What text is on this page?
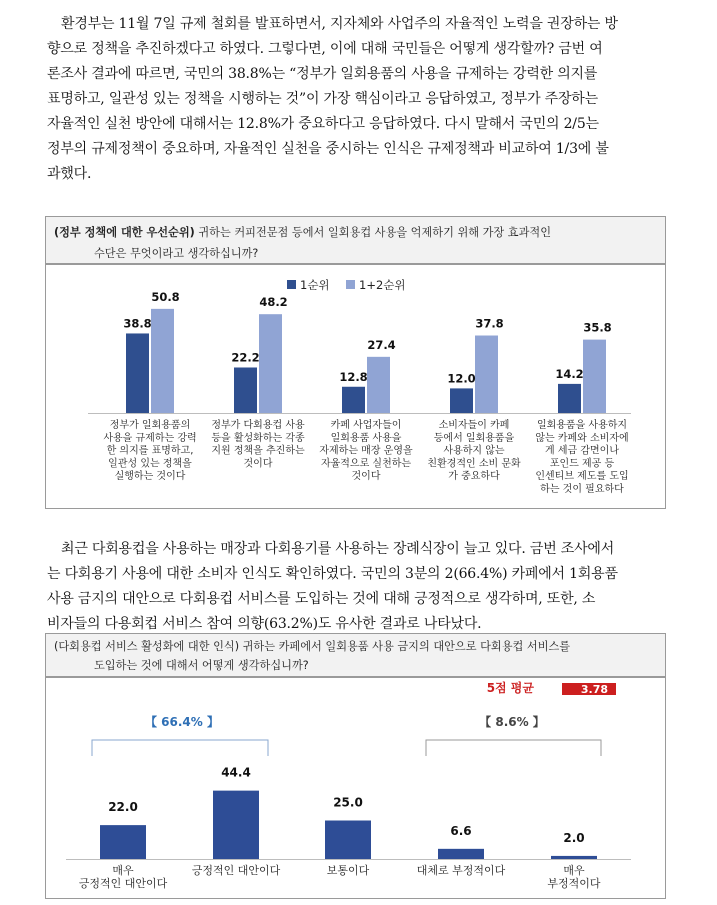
환경부는 11월 7일 규제 철회를 발표하면서, 지자체와 사업주의 자율적인 노력을 권장하는 방
향으로 정책을 추진하겠다고 하였다. 그렇다면, 이에 대해 국민들은 어떻게 생각할까? 금번 여
론조사 결과에 따르면, 국민의 38.8%는 “정부가 일회용품의 사용을 규제하는 강력한 의지를
표명하고, 일관성 있는 정책을 시행하는 것”이 가장 핵심이라고 응답하였고, 정부가 주장하는
자율적인 실천 방안에 대해서는 12.8%가 중요하다고 응답하였다. 다시 말해서 국민의 2/5는
정부의 규제정책이 중요하며, 자율적인 실천을 중시하는 인식은 규제정책과 비교하여 1/3에 불
과했다.
(정부 정책에 대한 우선순위) 귀하는 커피전문점 등에서 일회용컵 사용을 억제하기 위해 가장 효과적인
수단은 무엇이라고 생각하십니까?
1순위	1+2순위
38.8
50.8
정부가 일회용품의 사용을 규제하는 강력 한 의지를 표명하고, 일관성 있는 정책을 실행하는 것이다
22.2
48.2
정부가 다회용컵 사용 등을 활성화하는 각종 지원 정책을 추진하는 것이다
12.8
27.4
카페 사업자들이 일회용품 사용을 자제하는 매장 운영을 자율적으로 실천하는 것이다
12.0
37.8
소비자들이 카페 등에서 일회용품을 사용하지 않는 친환경적인 소비 문화 가 중요하다
14.2
35.8
일회용품을 사용하지 않는 카페와 소비자에 게 세금 감면이나 포인드 제공 등 인센티브 제도를 도입 하는 것이 필요하다
최근 다회용컵을 사용하는 매장과 다회용기를 사용하는 장례식장이 늘고 있다. 금번 조사에서
는 다회용기 사용에 대한 소비자 인식도 확인하였다. 국민의 3분의 2(66.4%) 카페에서 1회용품
사용 금지의 대안으로 다회용컵 서비스를 도입하는 것에 대해 긍정적으로 생각하며, 또한, 소
비자들의 다용회컵 서비스 참여 의향(63.2%)도 유사한 결과로 나타났다.
(다회용컵 서비스 활성화에 대한 인식) 귀하는 카페에서 일회용품 사용 금지의 대안으로 다회용컵 서비스를
도입하는 것에 대해서 어떻게 생각하십니까?
5점 평균	3.78
【 66.4% 】	【 8.6% 】
22.0
매우 긍정적인 대안이다
44.4
긍정적인 대안이다
25.0
보통이다
6.6
대체로 부정적이다
2.0
매우 부정적이다
